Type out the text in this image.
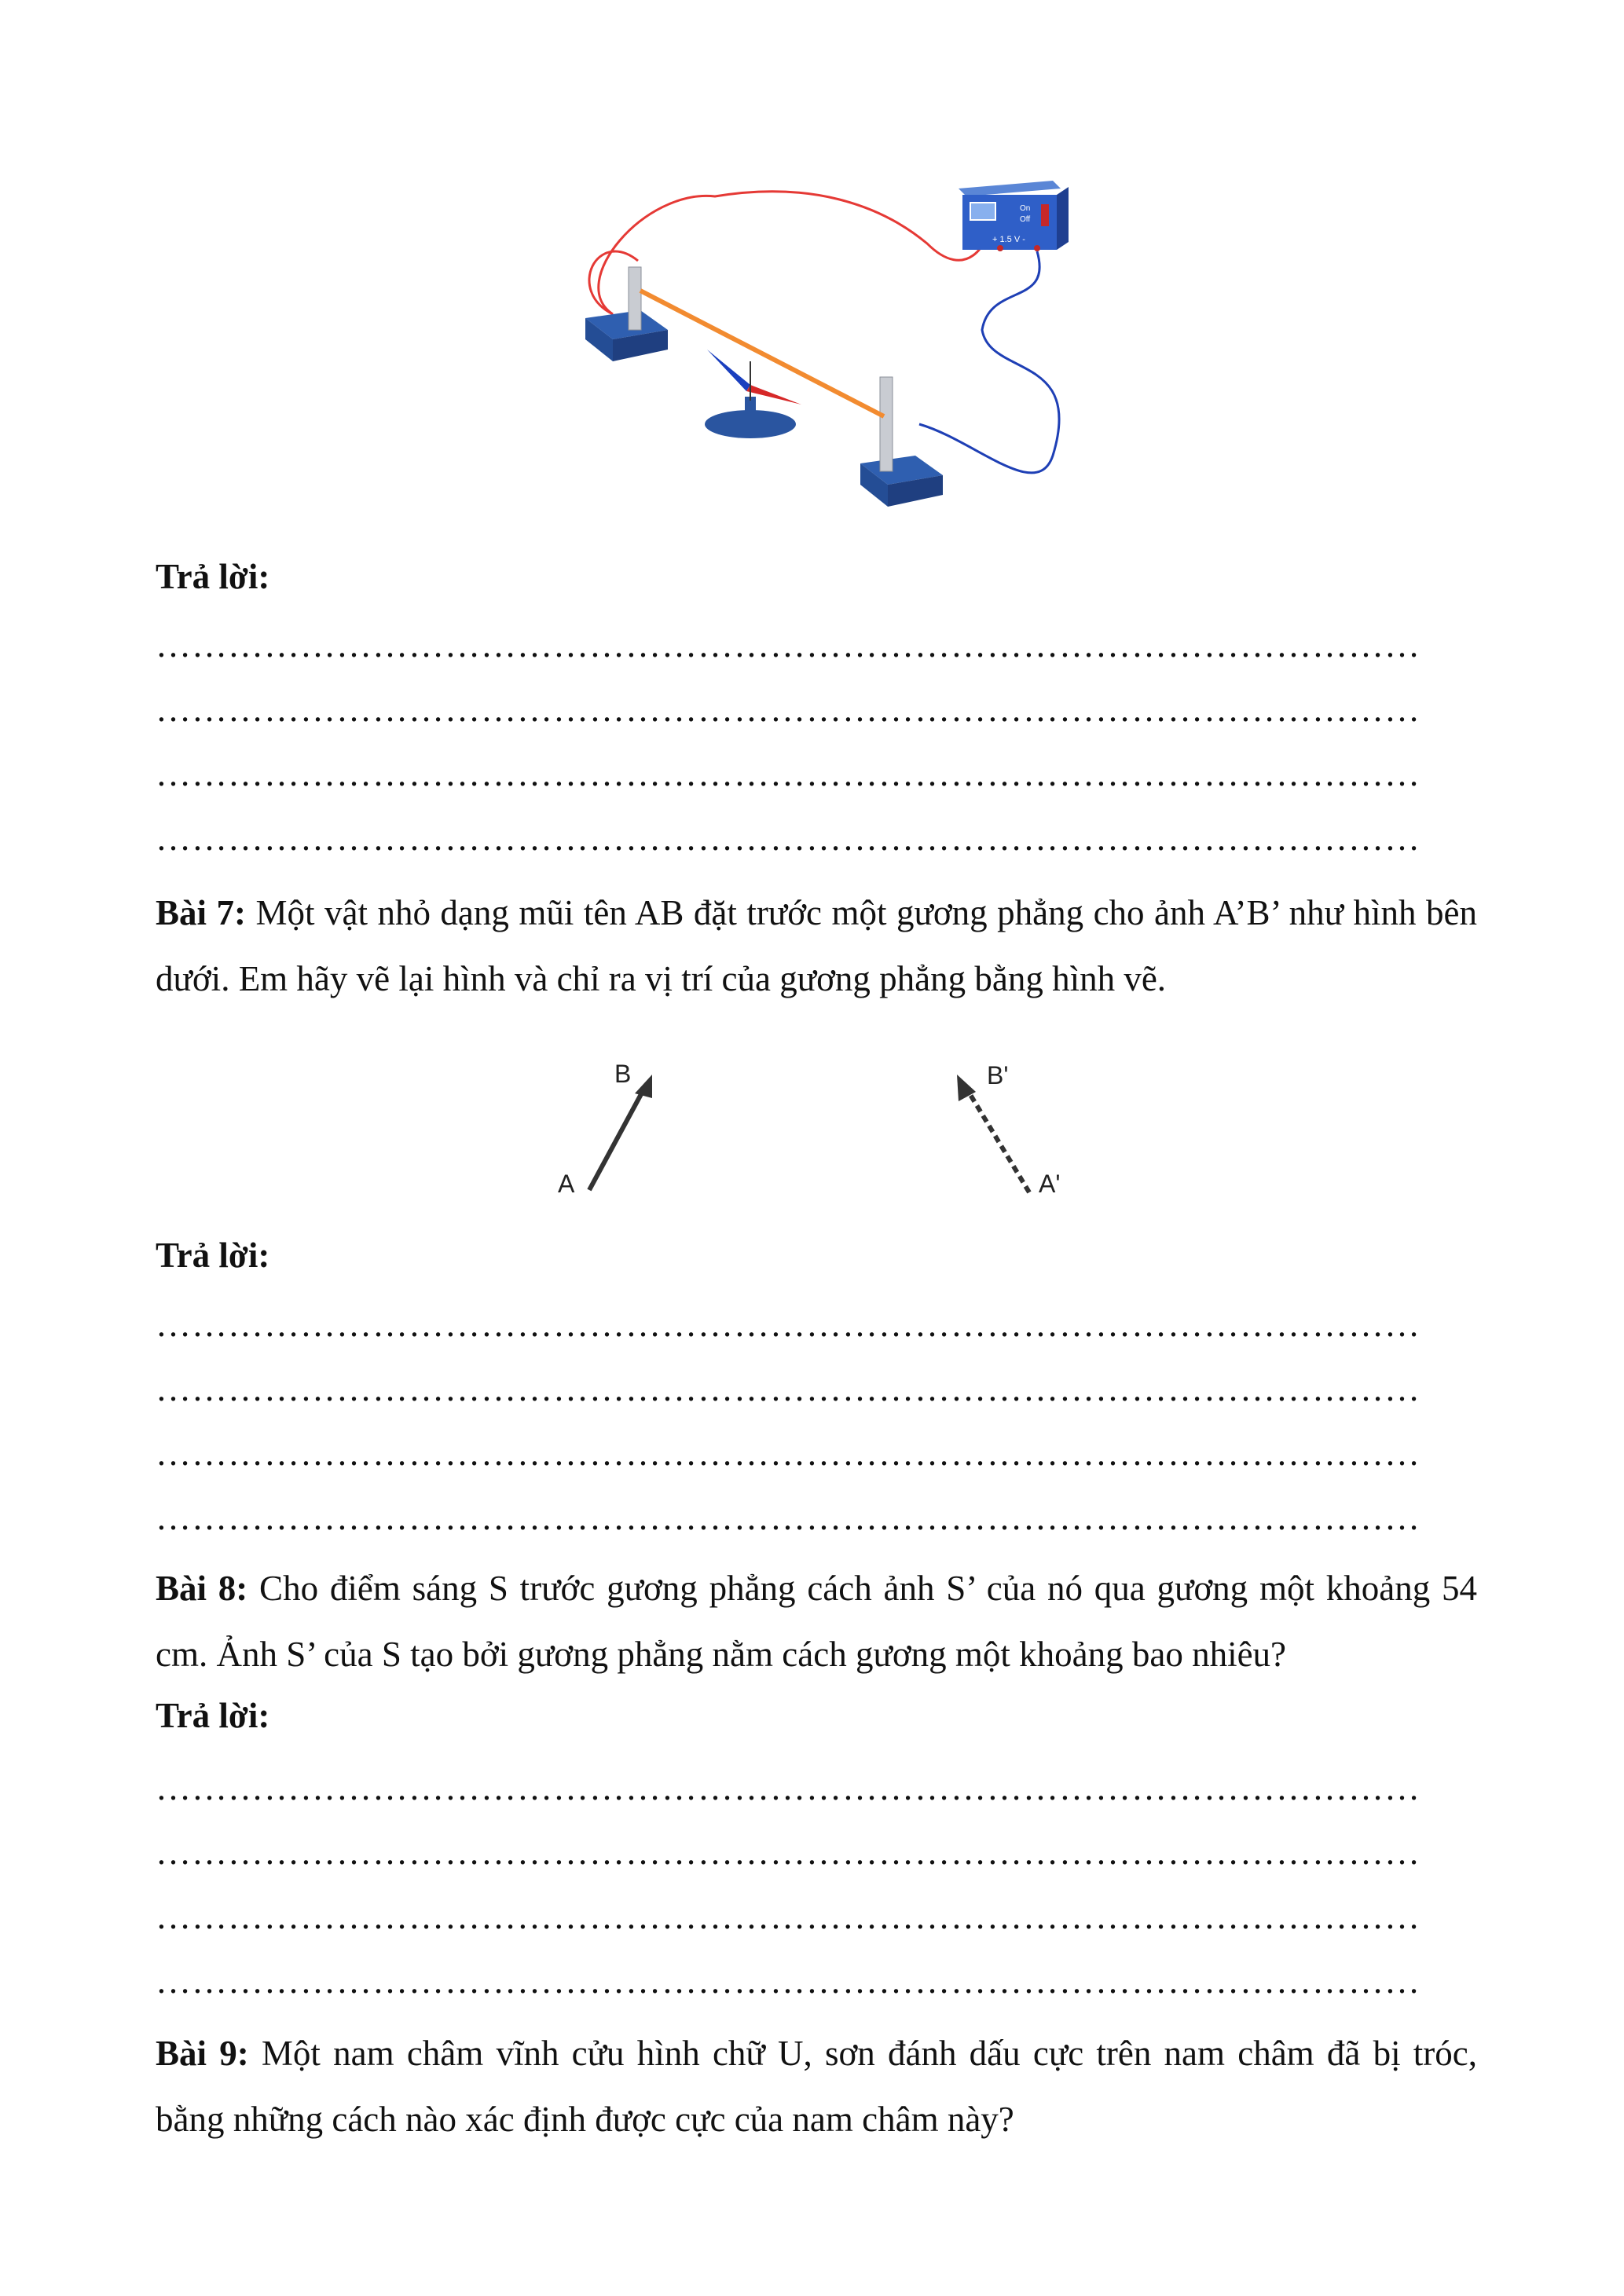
On
Off
+ 1.5 V -
Trả lời:
……………………………………………………………………………………………
……………………………………………………………………………………………
……………………………………………………………………………………………
……………………………………………………………………………………………
Bài 7: Một vật nhỏ dạng mũi tên AB đặt trước một gương phẳng cho ảnh A’B’ như hình bên dưới. Em hãy vẽ lại hình và chỉ ra vị trí của gương phẳng bằng hình vẽ.
A
B
A'
B'
Trả lời:
……………………………………………………………………………………………
……………………………………………………………………………………………
……………………………………………………………………………………………
……………………………………………………………………………………………
Bài 8: Cho điểm sáng S trước gương phẳng cách ảnh S’ của nó qua gương một khoảng 54 cm. Ảnh S’ của S tạo bởi gương phẳng nằm cách gương một khoảng bao nhiêu?
Trả lời:
……………………………………………………………………………………………
……………………………………………………………………………………………
……………………………………………………………………………………………
……………………………………………………………………………………………
Bài 9: Một nam châm vĩnh cửu hình chữ U, sơn đánh dấu cực trên nam châm đã bị tróc, bằng những cách nào xác định được cực của nam châm này?
